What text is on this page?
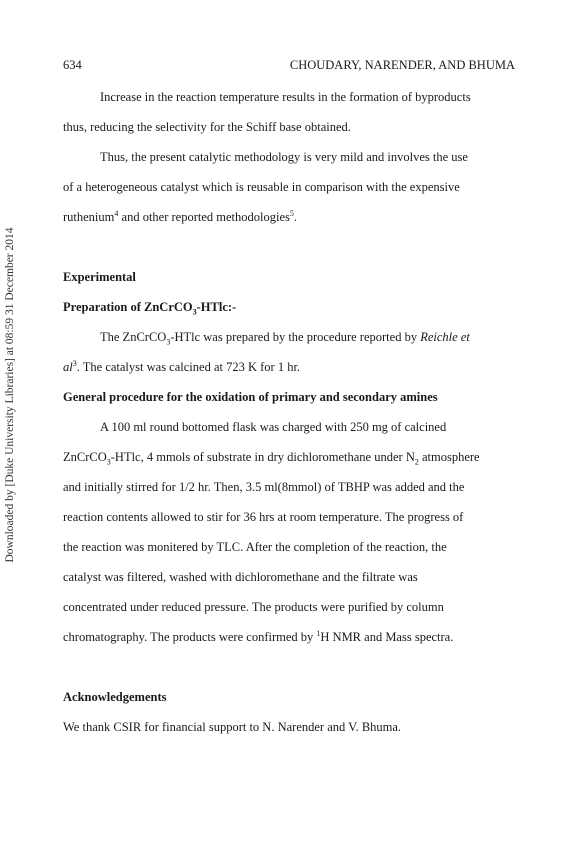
Downloaded by [Duke University Libraries] at 08:59 31 December 2014
634	CHOUDARY, NARENDER, AND BHUMA

Increase in the reaction temperature results in the formation of byproducts

thus, reducing the selectivity for the Schiff base obtained.

Thus, the present catalytic methodology is very mild and involves the use

of a heterogeneous catalyst which is reusable in comparison with the expensive

ruthenium$^4$ and other reported methodologies$^5$.

Experimental
Preparation of ZnCrCO$_3$-HTlc:-

The ZnCrCO$_3$-HTlc was prepared by the procedure reported by Reichle et

$al^3$. The catalyst was calcined at 723 K for 1 hr.

General procedure for the oxidation of primary and secondary amines

A 100 ml round bottomed flask was charged with 250 mg of calcined

ZnCrCO$_3$-HTlc, 4 mmols of substrate in dry dichloromethane under $N_2$ atmosphere

and initially stirred for 1/2 hr. Then, 3.5 ml(8mmol) of TBHP was added and the

reaction contents allowed to stir for 36 hrs at room temperature. The progress of

the reaction was monitered by TLC. After the completion of the reaction, the

catalyst was filtered, washed with dichloromethane and the filtrate was

concentrated under reduced pressure. The products were purified by column

chromatography. The products were confirmed by $^1$H NMR and Mass spectra.

Acknowledgements

We thank CSIR for financial support to N. Narender and V. Bhuma.
